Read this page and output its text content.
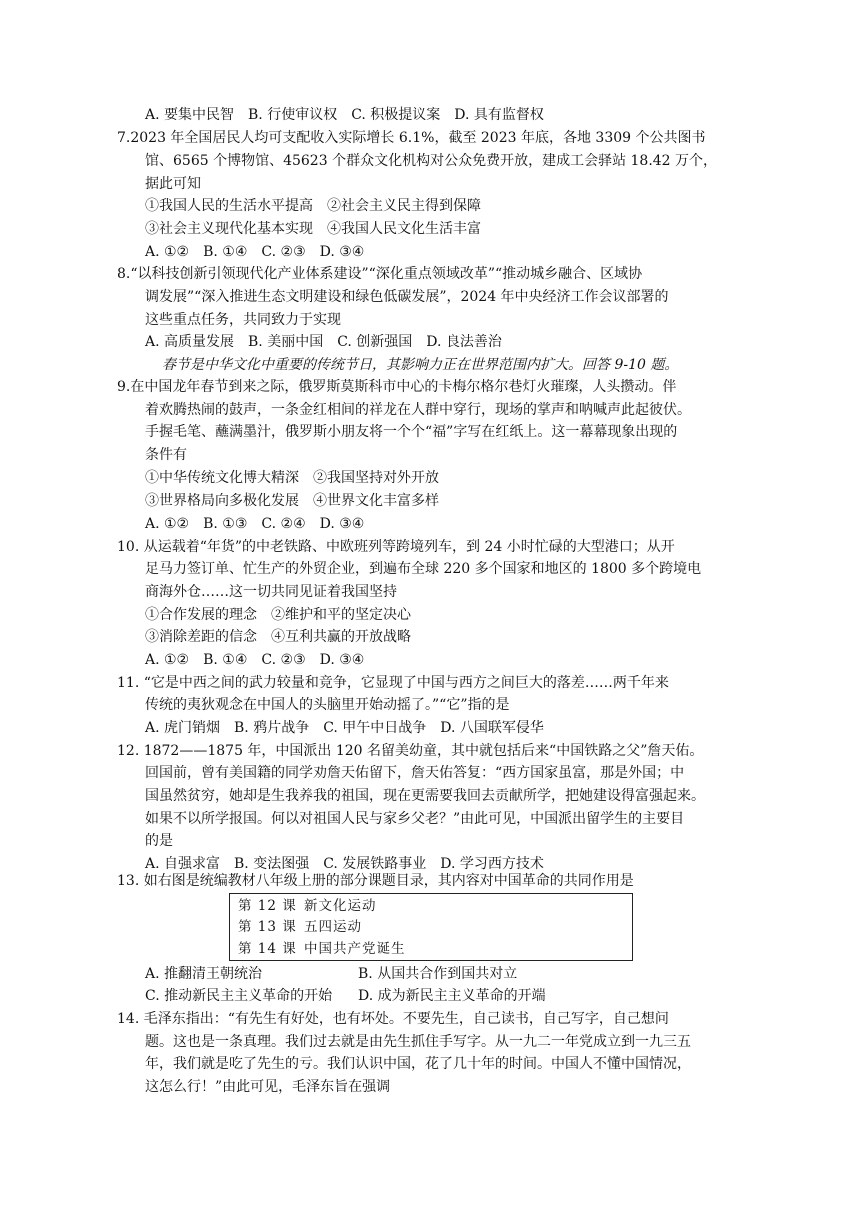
A. 要集中民智　B. 行使审议权　C. 积极提议案　D. 具有监督权
7.2023 年全国居民人均可支配收入实际增长 6.1%，截至 2023 年底，各地 3309 个公共图书
馆、6565 个博物馆、45623 个群众文化机构对公众免费开放，建成工会驿站 18.42 万个，
据此可知
①我国人民的生活水平提高　②社会主义民主得到保障
③社会主义现代化基本实现　④我国人民文化生活丰富
A. ①②　B. ①④　C. ②③　D. ③④
8.“以科技创新引领现代化产业体系建设”“深化重点领域改革”“推动城乡融合、区域协
调发展”“深入推进生态文明建设和绿色低碳发展”，2024 年中央经济工作会议部署的
这些重点任务，共同致力于实现
A. 高质量发展　B. 美丽中国　C. 创新强国　D. 良法善治
春节是中华文化中重要的传统节日，其影响力正在世界范围内扩大。回答 9-10 题。
9.在中国龙年春节到来之际，俄罗斯莫斯科市中心的卡梅尔格尔巷灯火璀璨，人头攒动。伴
着欢腾热闹的鼓声，一条金红相间的祥龙在人群中穿行，现场的掌声和呐喊声此起彼伏。
手握毛笔、蘸满墨汁，俄罗斯小朋友将一个个“福”字写在红纸上。这一幕幕现象出现的
条件有
①中华传统文化博大精深　②我国坚持对外开放
③世界格局向多极化发展　④世界文化丰富多样
A. ①②　B. ①③　C. ②④　D. ③④
10. 从运载着“年货”的中老铁路、中欧班列等跨境列车，到 24 小时忙碌的大型港口；从开
足马力签订单、忙生产的外贸企业，到遍布全球 220 多个国家和地区的 1800 多个跨境电
商海外仓……这一切共同见证着我国坚持
①合作发展的理念　②维护和平的坚定决心
③消除差距的信念　④互利共赢的开放战略
A. ①②　B. ①④　C. ②③　D. ③④
11. “它是中西之间的武力较量和竞争，它显现了中国与西方之间巨大的落差……两千年来
传统的夷狄观念在中国人的头脑里开始动摇了。”“它”指的是
A. 虎门销烟　B. 鸦片战争　C. 甲午中日战争　D. 八国联军侵华
12. 1872——1875 年，中国派出 120 名留美幼童，其中就包括后来“中国铁路之父”詹天佑。
回国前，曾有美国籍的同学劝詹天佑留下，詹天佑答复：“西方国家虽富，那是外国；中
国虽然贫穷，她却是生我养我的祖国，现在更需要我回去贡献所学，把她建设得富强起来。
如果不以所学报国。何以对祖国人民与家乡父老？”由此可见，中国派出留学生的主要目
的是
A. 自强求富　B. 变法图强　C. 发展铁路事业　D. 学习西方技术
13. 如右图是统编教材八年级上册的部分课题目录，其内容对中国革命的共同作用是
第 12 课 新文化运动
第 13 课 五四运动
第 14 课 中国共产党诞生
A. 推翻清王朝统治	B. 从国共合作到国共对立
C. 推动新民主主义革命的开始 D. 成为新民主主义革命的开端
14. 毛泽东指出：“有先生有好处，也有坏处。不要先生，自己读书，自己写字，自己想问
题。这也是一条真理。我们过去就是由先生抓住手写字。从一九二一年党成立到一九三五
年，我们就是吃了先生的亏。我们认识中国，花了几十年的时间。中国人不懂中国情况，
这怎么行！”由此可见，毛泽东旨在强调
